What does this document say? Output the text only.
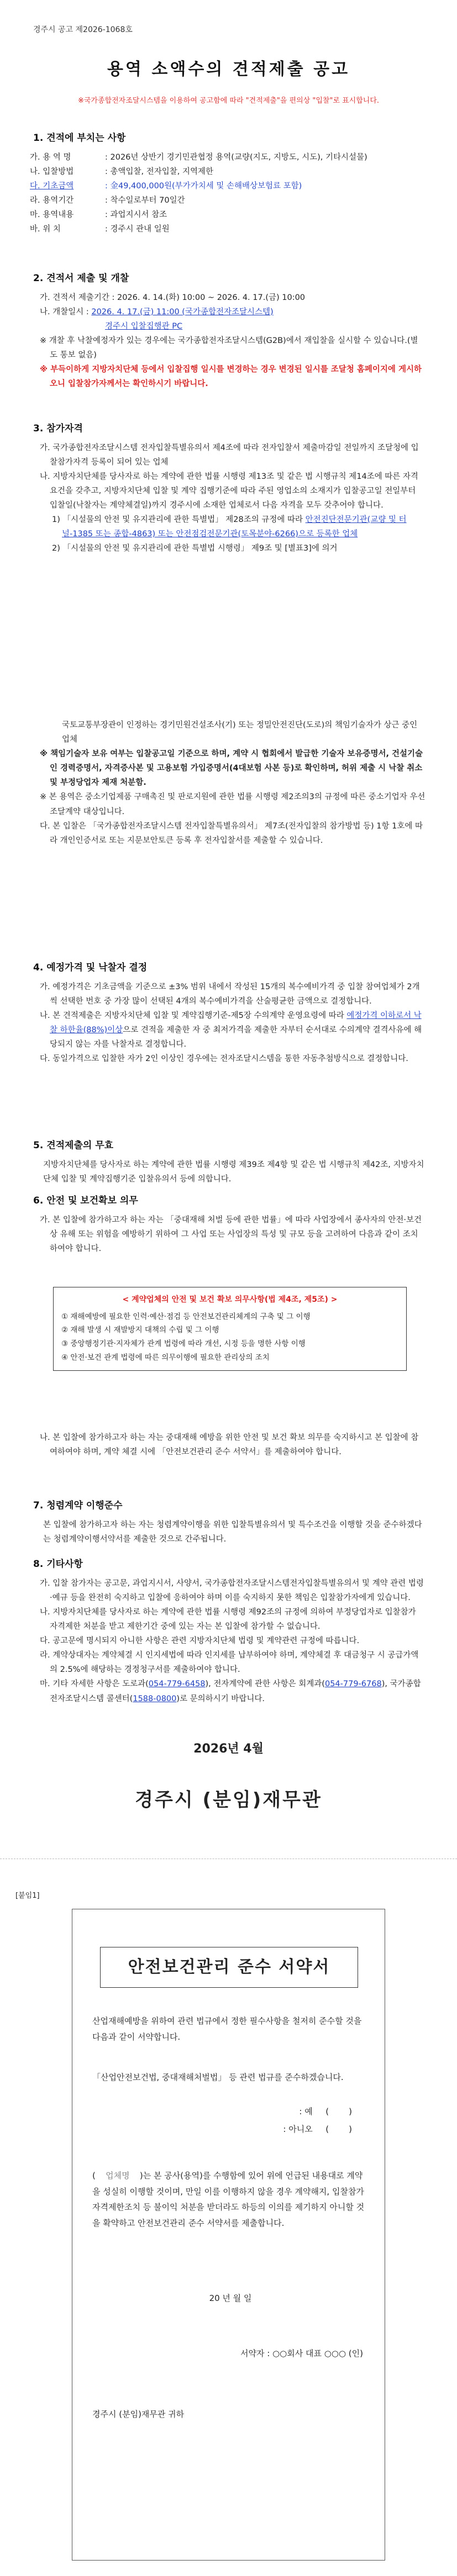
경주시 공고 제2026-1068호
용역 소액수의 견적제출 공고
※국가종합전자조달시스템을 이용하여 공고함에 따라 "견적제출"을 편의상 "입찰"로 표시합니다.
1. 견적에 부치는 사항
가. 용 역 명	: 2026년 상반기 경기민관협정 용역(교량(지도, 지방도, 시도), 기타시설물)
나. 입찰방법	: 총액입찰, 전자입찰, 지역제한
다. 기초금액	: 金49,400,000원(부가가치세 및 손해배상보험료 포함)
라. 용역기간	: 착수일로부터 70일간
마. 용역내용	: 과업지시서 참조
바. 위 치	: 경주시 관내 일원
2. 견적서 제출 및 개찰
가. 견적서 제출기간 : 2026. 4. 14.(화) 10:00 ~ 2026. 4. 17.(금) 10:00
나. 개찰일시 : 2026. 4. 17.(금) 11:00 (국가종합전자조달시스템)
경주시 입찰집행관 PC
※ 개찰 후 낙찰예정자가 있는 경우에는 국가종합전자조달시스템(G2B)에서 재입찰을 실시할 수 있습니다.(별도 통보 없음)
※ 부득이하게 지방자치단체 등에서 입찰집행 일시를 변경하는 경우 변경된 일시를 조달청 홈페이지에 게시하오니 입찰참가자께서는 확인하시기 바랍니다.
3. 참가자격
가. 국가종합전자조달시스템 전자입찰특별유의서 제4조에 따라 전자입찰서 제출마감일 전일까지 조달청에 입찰참가자격 등록이 되어 있는 업체
나. 지방자치단체를 당사자로 하는 계약에 관한 법률 시행령 제13조 및 같은 법 시행규칙 제14조에 따른 자격요건을 갖추고, 지방자치단체 입찰 및 계약 집행기준에 따라 주된 영업소의 소재지가 입찰공고일 전일부터 입찰일(낙찰자는 계약체결일)까지 경주시에 소재한 업체로서 다음 자격을 모두 갖추어야 합니다.
1) 「시설물의 안전 및 유지관리에 관한 특별법」 제28조의 규정에 따라 안전진단전문기관(교량 및 터널-1385 또는 종합-4863) 또는 안전점검전문기관(토목분야-6266)으로 등록한 업체
2) 「시설물의 안전 및 유지관리에 관한 특별법 시행령」 제9조 및 [별표3]에 의거
국토교통부장관이 인정하는 경기민원건설조사(기) 또는 정밀안전진단(도로)의 책임기술자가 상근 중인 업체
※ 책임기술자 보유 여부는 입찰공고일 기준으로 하며, 계약 시 협회에서 발급한 기술자 보유증명서, 건설기술인 경력증명서, 자격증사본 및 고용보험 가입증명서(4대보험 사본 등)로 확인하며, 허위 제출 시 낙찰 취소 및 부정당업자 제재 처분함.
※ 본 용역은 중소기업제품 구매촉진 및 판로지원에 관한 법률 시행령 제2조의3의 규정에 따른 중소기업자 우선조달계약 대상입니다.
다. 본 입찰은 「국가종합전자조달시스템 전자입찰특별유의서」 제7조(전자입찰의 참가방법 등) 1항 1호에 따라 개인인증서로 또는 지문보안토큰 등록 후 전자입찰서를 제출할 수 있습니다.
4. 예정가격 및 낙찰자 결정
가. 예정가격은 기초금액을 기준으로 ±3% 범위 내에서 작성된 15개의 복수예비가격 중 입찰 참여업체가 2개씩 선택한 번호 중 가장 많이 선택된 4개의 복수예비가격을 산술평균한 금액으로 결정합니다.
나. 본 견적제출은 지방자치단체 입찰 및 계약집행기준-제5장 수의계약 운영요령에 따라 예정가격 이하로서 낙찰 하한율(88%)이상으로 견적을 제출한 자 중 최저가격을 제출한 자부터 순서대로 수의계약 결격사유에 해당되지 않는 자를 낙찰자로 결정합니다.
다. 동일가격으로 입찰한 자가 2인 이상인 경우에는 전자조달시스템을 통한 자동추첨방식으로 결정합니다.
5. 견적제출의 무효
지방자치단체를 당사자로 하는 계약에 관한 법률 시행령 제39조 제4항 및 같은 법 시행규칙 제42조, 지방자치단체 입찰 및 계약집행기준 입찰유의서 등에 의합니다.
6. 안전 및 보건확보 의무
가. 본 입찰에 참가하고자 하는 자는 「중대재해 처벌 등에 관한 법률」에 따라 사업장에서 종사자의 안전·보건상 유해 또는 위험을 예방하기 위하여 그 사업 또는 사업장의 특성 및 규모 등을 고려하여 다음과 같이 조치하여야 합니다.
< 계약업체의 안전 및 보건 확보 의무사항(법 제4조, 제5조) >
① 재해예방에 필요한 인력·예산·점검 등 안전보건관리체계의 구축 및 그 이행
② 재해 발생 시 재발방지 대책의 수립 및 그 이행
③ 중앙행정기관·지자체가 관계 법령에 따라 개선, 시정 등을 명한 사항 이행
④ 안전·보건 관계 법령에 따른 의무이행에 필요한 관리상의 조치
나. 본 입찰에 참가하고자 하는 자는 중대재해 예방을 위한 안전 및 보건 확보 의무를 숙지하시고 본 입찰에 참여하여야 하며, 계약 체결 시에 「안전보건관리 준수 서약서」를 제출하여야 합니다.
7. 청렴계약 이행준수
본 입찰에 참가하고자 하는 자는 청렴계약이행을 위한 입찰특별유의서 및 특수조건을 이행할 것을 준수하겠다는 청렴계약이행서약서를 제출한 것으로 간주됩니다.
8. 기타사항
가. 입찰 참가자는 공고문, 과업지시서, 사양서, 국가종합전자조달시스템전자입찰특별유의서 및 계약 관련 법령·예규 등을 완전히 숙지하고 입찰에 응하여야 하며 이를 숙지하지 못한 책임은 입찰참가자에게 있습니다.
나. 지방자치단체를 당사자로 하는 계약에 관한 법률 시행령 제92조의 규정에 의하여 부정당업자로 입찰참가 자격제한 처분을 받고 제한기간 중에 있는 자는 본 입찰에 참가할 수 없습니다.
다. 공고문에 명시되지 아니한 사항은 관련 지방자치단체 법령 및 계약관련 규정에 따릅니다.
라. 계약상대자는 계약체결 시 인지세법에 따라 인지세를 납부하여야 하며, 계약체결 후 대금청구 시 공급가액의 2.5%에 해당하는 경정청구서를 제출하여야 합니다.
마. 기타 자세한 사항은 도로과(054-779-6458), 전자계약에 관한 사항은 회계과(054-779-6768), 국가종합전자조달시스템 콜센터(1588-0800)로 문의하시기 바랍니다.
2026년 4월
경주시 (분임)재무관
[붙임1]
안전보건관리 준수 서약서
산업재해예방을 위하여 관련 법규에서 정한 필수사항을 철저히 준수할 것을 다음과 같이 서약합니다.
「산업안전보건법, 중대재해처벌법」 등 관련 법규를 준수하겠습니다.
: 예 ( )
: 아니오 ( )
( 업체명 )는 본 공사(용역)를 수행함에 있어 위에 언급된 내용대로 계약을 성실히 이행할 것이며, 만일 이를 이행하지 않을 경우 계약해지, 입찰참가자격제한조치 등 불이익 처분을 받더라도 하등의 이의를 제기하지 아니할 것을 확약하고 안전보건관리 준수 서약서를 제출합니다.
20 년 월 일
서약자 : ○○회사 대표 ○○○ (인)
경주시 (분임)재무관 귀하
